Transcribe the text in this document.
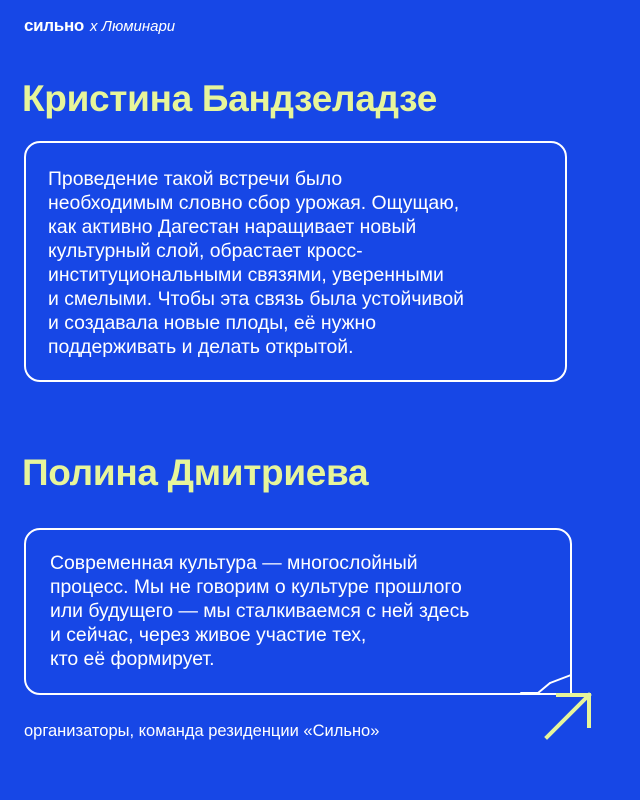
сильно х Люминари
Кристина Бандзеладзе
Проведение такой встречи было
необходимым словно сбор урожая. Ощущаю,
как активно Дагестан наращивает новый
культурный слой, обрастает кросс-
институциональными связями, уверенными
и смелыми. Чтобы эта связь была устойчивой
и создавала новые плоды, её нужно
поддерживать и делать открытой.
Полина Дмитриева
Современная культура — многослойный
процесс. Мы не говорим о культуре прошлого
или будущего — мы сталкиваемся с ней здесь
и сейчас, через живое участие тех,
кто её формирует.
организаторы, команда резиденции «Сильно»
